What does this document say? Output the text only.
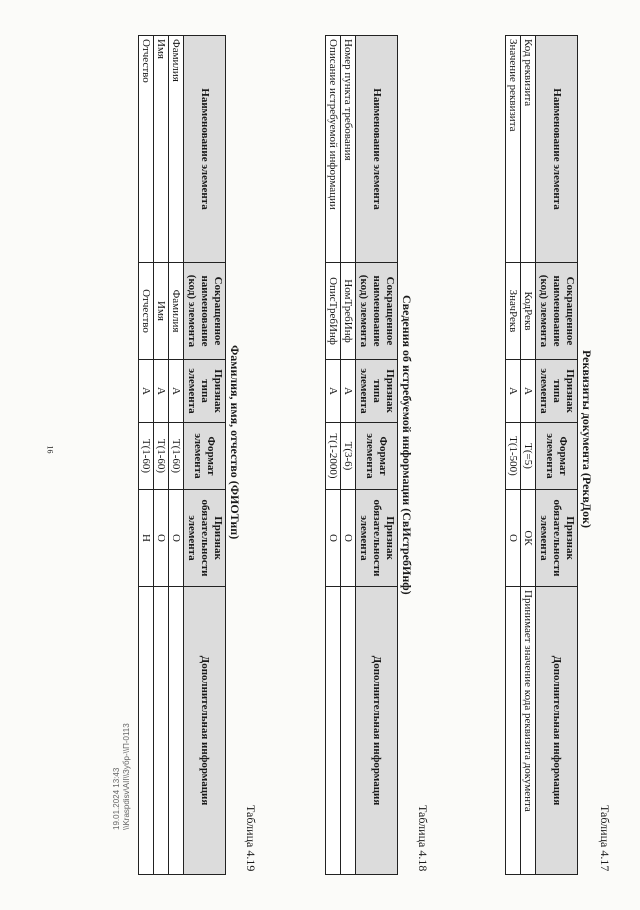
16
19.01.2024 13:43 \\Kraspdisv\AII\\Зубр-\\П-0113
Таблица 4.17
Реквизиты документа (РеквДок)
Наименование элемента	Сокращенное наименование (код) элемента	Признак типа элемента	Формат элемента	Признак обязательности элемента	Дополнительная информация
Код реквизита	КодРекв	А	T(=5)	ОК	Принимает значение кода реквизита документа
Значение реквизита	ЗначРекв	А	T(1-500)	О	
Таблица 4.18
Сведения об истребуемой информации (СвИстребИнф)
Наименование элемента	Сокращенное наименование (код) элемента	Признак типа элемента	Формат элемента	Признак обязательности элемента	Дополнительная информация
Номер пункта требования	НомТребИнф	А	T(3-6)	О	
Описание истребуемой информации	ОписТребИнф	А	T(1-2000)	О	
Таблица 4.19
Фамилия, имя, отчество (ФИОТип)
Наименование элемента	Сокращенное наименование (код) элемента	Признак типа элемента	Формат элемента	Признак обязательности элемента	Дополнительная информация
Фамилия	Фамилия	А	T(1-60)	О	
Имя	Имя	А	T(1-60)	О	
Отчество	Отчество	А	T(1-60)	Н	
